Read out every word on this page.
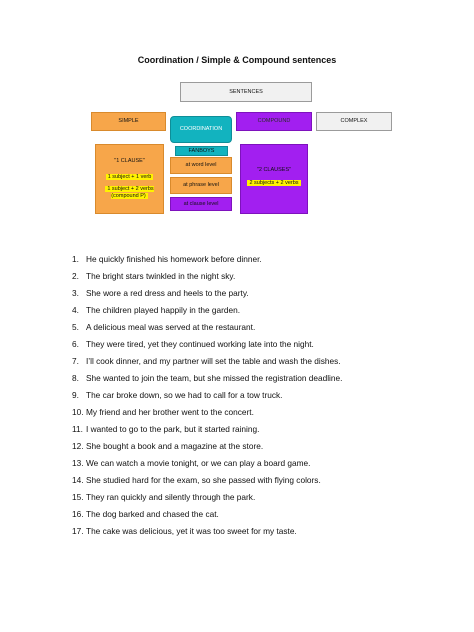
Coordination / Simple & Compound sentences
SENTENCES
SIMPLE
COORDINATION
COMPOUND	COMPLEX
"1 CLAUSE"
1 subject + 1 verb
1 subject + 2 verbs (compound P)
FANBOYS
at word level
at phrase level
at clause level
"2 CLAUSES"
2 subjects + 2 verbs
1. He quickly finished his homework before dinner.
2. The bright stars twinkled in the night sky.
3. She wore a red dress and heels to the party.
4. The children played happily in the garden.
5. A delicious meal was served at the restaurant.
6. They were tired, yet they continued working late into the night.
7. I’ll cook dinner, and my partner will set the table and wash the dishes.
8. She wanted to join the team, but she missed the registration deadline.
9. The car broke down, so we had to call for a tow truck.
10. My friend and her brother went to the concert.
11. I wanted to go to the park, but it started raining.
12. She bought a book and a magazine at the store.
13. We can watch a movie tonight, or we can play a board game.
14. She studied hard for the exam, so she passed with flying colors.
15. They ran quickly and silently through the park.
16. The dog barked and chased the cat.
17. The cake was delicious, yet it was too sweet for my taste.
